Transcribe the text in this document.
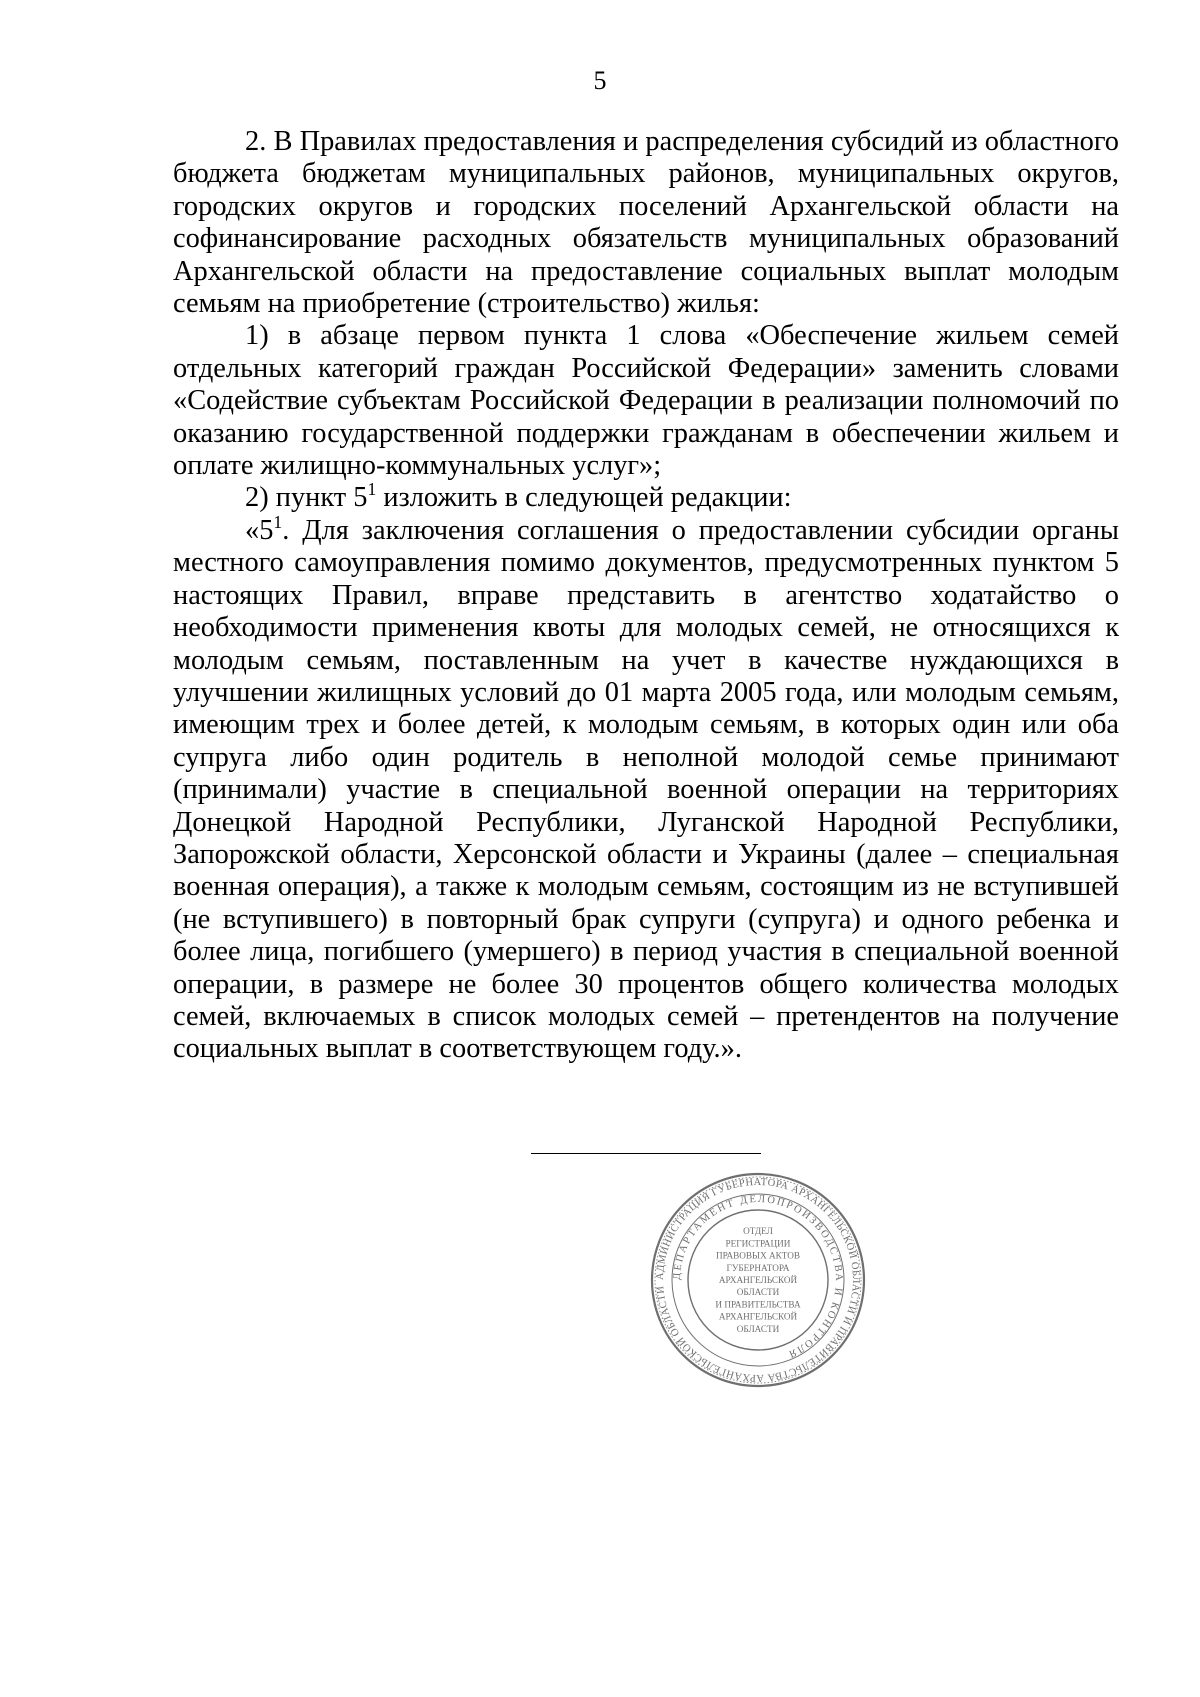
5

2. В Правилах предоставления и распределения субсидий из областного бюджета бюджетам муниципальных районов, муниципальных округов, городских округов и городских поселений Архангельской области на софинансирование расходных обязательств муниципальных образований Архангельской области на предоставление социальных выплат молодым семьям на приобретение (строительство) жилья:

1) в абзаце первом пункта 1 слова «Обеспечение жильем семей отдельных категорий граждан Российской Федерации» заменить словами «Содействие субъектам Российской Федерации в реализации полномочий по оказанию государственной поддержки гражданам в обеспечении жильем и оплате жилищно-коммунальных услуг»;

2) пункт $5^1$ изложить в следующей редакции:

«$5^1$. Для заключения соглашения о предоставлении субсидии органы местного самоуправления помимо документов, предусмотренных пунктом 5 настоящих Правил, вправе представить в агентство ходатайство о необходимости применения квоты для молодых семей, не относящихся к молодым семьям, поставленным на учет в качестве нуждающихся в улучшении жилищных условий до 01 марта 2005 года, или молодым семьям, имеющим трех и более детей, к молодым семьям, в которых один или оба супруга либо один родитель в неполной молодой семье принимают (принимали) участие в специальной военной операции на территориях Донецкой Народной Республики, Луганской Народной Республики, Запорожской области, Херсонской области и Украины (далее – специальная военная операция), а также к молодым семьям, состоящим из не вступившей (не вступившего) в повторный брак супруги (супруга) и одного ребенка и более лица, погибшего (умершего) в период участия в специальной военной операции, в размере не более 30 процентов общего количества молодых семей, включаемых в список молодых семей – претендентов на получение социальных выплат в соответствующем году.».

АДМИНИСТРАЦИЯ ГУБЕРНАТОРА АРХАНГЕЛЬСКОЙ ОБЛАСТИ И ПРАВИТЕЛЬСТВА АРХАНГЕЛЬСКОЙ ОБЛАСТИ
ДЕПАРТАМЕНТ ДЕЛОПРОИЗВОДСТВА И КОНТРОЛЯ
ОТДЕЛ
РЕГИСТРАЦИИ
ПРАВОВЫХ АКТОВ
ГУБЕРНАТОРА
АРХАНГЕЛЬСКОЙ
ОБЛАСТИ
И ПРАВИТЕЛЬСТВА
АРХАНГЕЛЬСКОЙ
ОБЛАСТИ
